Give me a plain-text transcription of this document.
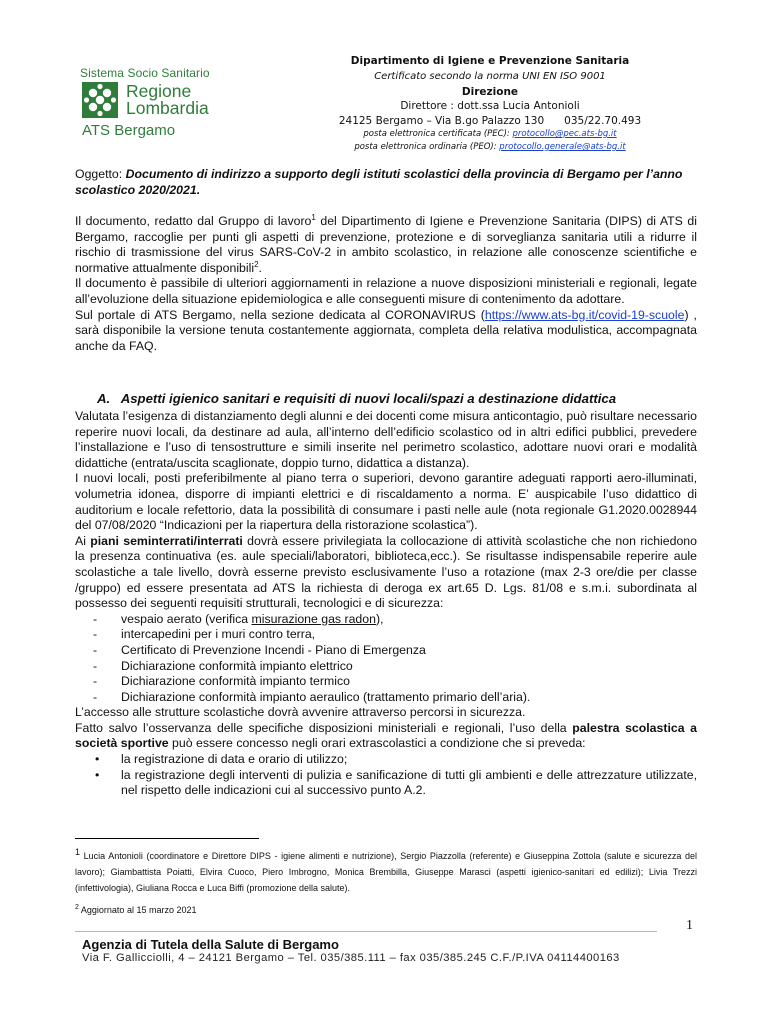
Sistema Socio Sanitario
Regione
Lombardia
ATS Bergamo
Dipartimento di Igiene e Prevenzione Sanitaria
Certificato secondo la norma UNI EN ISO 9001
Direzione
Direttore : dott.ssa Lucia Antonioli
24125 Bergamo – Via B.go Palazzo 130      035/22.70.493
posta elettronica certificata (PEC): protocollo@pec.ats-bg.it
posta elettronica ordinaria (PEO): protocollo.generale@ats-bg.it
Oggetto: Documento di indirizzo a supporto degli istituti scolastici della provincia di Bergamo per l’anno scolastico 2020/2021.

Il documento, redatto dal Gruppo di lavoro$^1$ del Dipartimento di Igiene e Prevenzione Sanitaria (DIPS) di ATS di Bergamo, raccoglie per punti gli aspetti di prevenzione, protezione e di sorveglianza sanitaria utili a ridurre il rischio di trasmissione del virus SARS-CoV-2 in ambito scolastico, in relazione alle conoscenze scientifiche e normative attualmente disponibili$^2$.

Il documento è passibile di ulteriori aggiornamenti in relazione a nuove disposizioni ministeriali e regionali, legate all’evoluzione della situazione epidemiologica e alle conseguenti misure di contenimento da adottare.

Sul portale di ATS Bergamo, nella sezione dedicata al CORONAVIRUS (https://www.ats-bg.it/covid-19-scuole) , sarà disponibile la versione tenuta costantemente aggiornata, completa della relativa modulistica, accompagnata anche da FAQ.

A.   Aspetti igienico sanitari e requisiti di nuovi locali/spazi a destinazione didattica

Valutata l’esigenza di distanziamento degli alunni e dei docenti come misura anticontagio, può risultare necessario reperire nuovi locali, da destinare ad aula, all’interno dell’edificio scolastico od in altri edifici pubblici, prevedere l’installazione e l’uso di tensostrutture e simili inserite nel perimetro scolastico, adottare nuovi orari e modalità didattiche (entrata/uscita scaglionate, doppio turno, didattica a distanza).

I nuovi locali, posti preferibilmente al piano terra o superiori, devono garantire adeguati rapporti aero-illuminati, volumetria idonea, disporre di impianti elettrici e di riscaldamento a norma. E’ auspicabile l’uso didattico di auditorium e locale refettorio, data la possibilità di consumare i pasti nelle aule (nota regionale G1.2020.0028944 del 07/08/2020 “Indicazioni per la riapertura della ristorazione scolastica”).

Ai piani seminterrati/interrati dovrà essere privilegiata la collocazione di attività scolastiche che non richiedono la presenza continuativa (es. aule speciali/laboratori, biblioteca,ecc.). Se risultasse indispensabile reperire aule scolastiche a tale livello, dovrà esserne previsto esclusivamente l’uso a rotazione (max 2-3 ore/die per classe /gruppo) ed essere presentata ad ATS la richiesta di deroga ex art.65 D. Lgs. 81/08 e s.m.i. subordinata al possesso dei seguenti requisiti strutturali, tecnologici e di sicurezza:

- vespaio aerato (verifica misurazione gas radon),
- intercapedini per i muri contro terra,
- Certificato di Prevenzione Incendi - Piano di Emergenza
- Dichiarazione conformità impianto elettrico
- Dichiarazione conformità impianto termico
- Dichiarazione conformità impianto aeraulico (trattamento primario dell’aria).

L’accesso alle strutture scolastiche dovrà avvenire attraverso percorsi in sicurezza.

Fatto salvo l’osservanza delle specifiche disposizioni ministeriali e regionali, l’uso della palestra scolastica a società sportive può essere concesso negli orari extrascolastici a condizione che si preveda:

• la registrazione di data e orario di utilizzo;
• la registrazione degli interventi di pulizia e sanificazione di tutti gli ambienti e delle attrezzature utilizzate, nel rispetto delle indicazioni cui al successivo punto A.2.
$^1$ Lucia Antonioli (coordinatore e Direttore DIPS - igiene alimenti e nutrizione), Sergio Piazzolla (referente) e Giuseppina Zottola (salute e sicurezza del lavoro); Giambattista Poiatti, Elvira Cuoco, Piero Imbrogno, Monica Brembilla, Giuseppe Marasci (aspetti igienico-sanitari ed edilizi); Livia Trezzi (infettivologia), Giuliana Rocca e Luca Biffi (promozione della salute).
$^2$ Aggiornato al 15 marzo 2021
1
Agenzia di Tutela della Salute di Bergamo
Via F. Gallicciolli, 4 – 24121 Bergamo – Tel. 035/385.111 – fax 035/385.245 C.F./P.IVA 04114400163
